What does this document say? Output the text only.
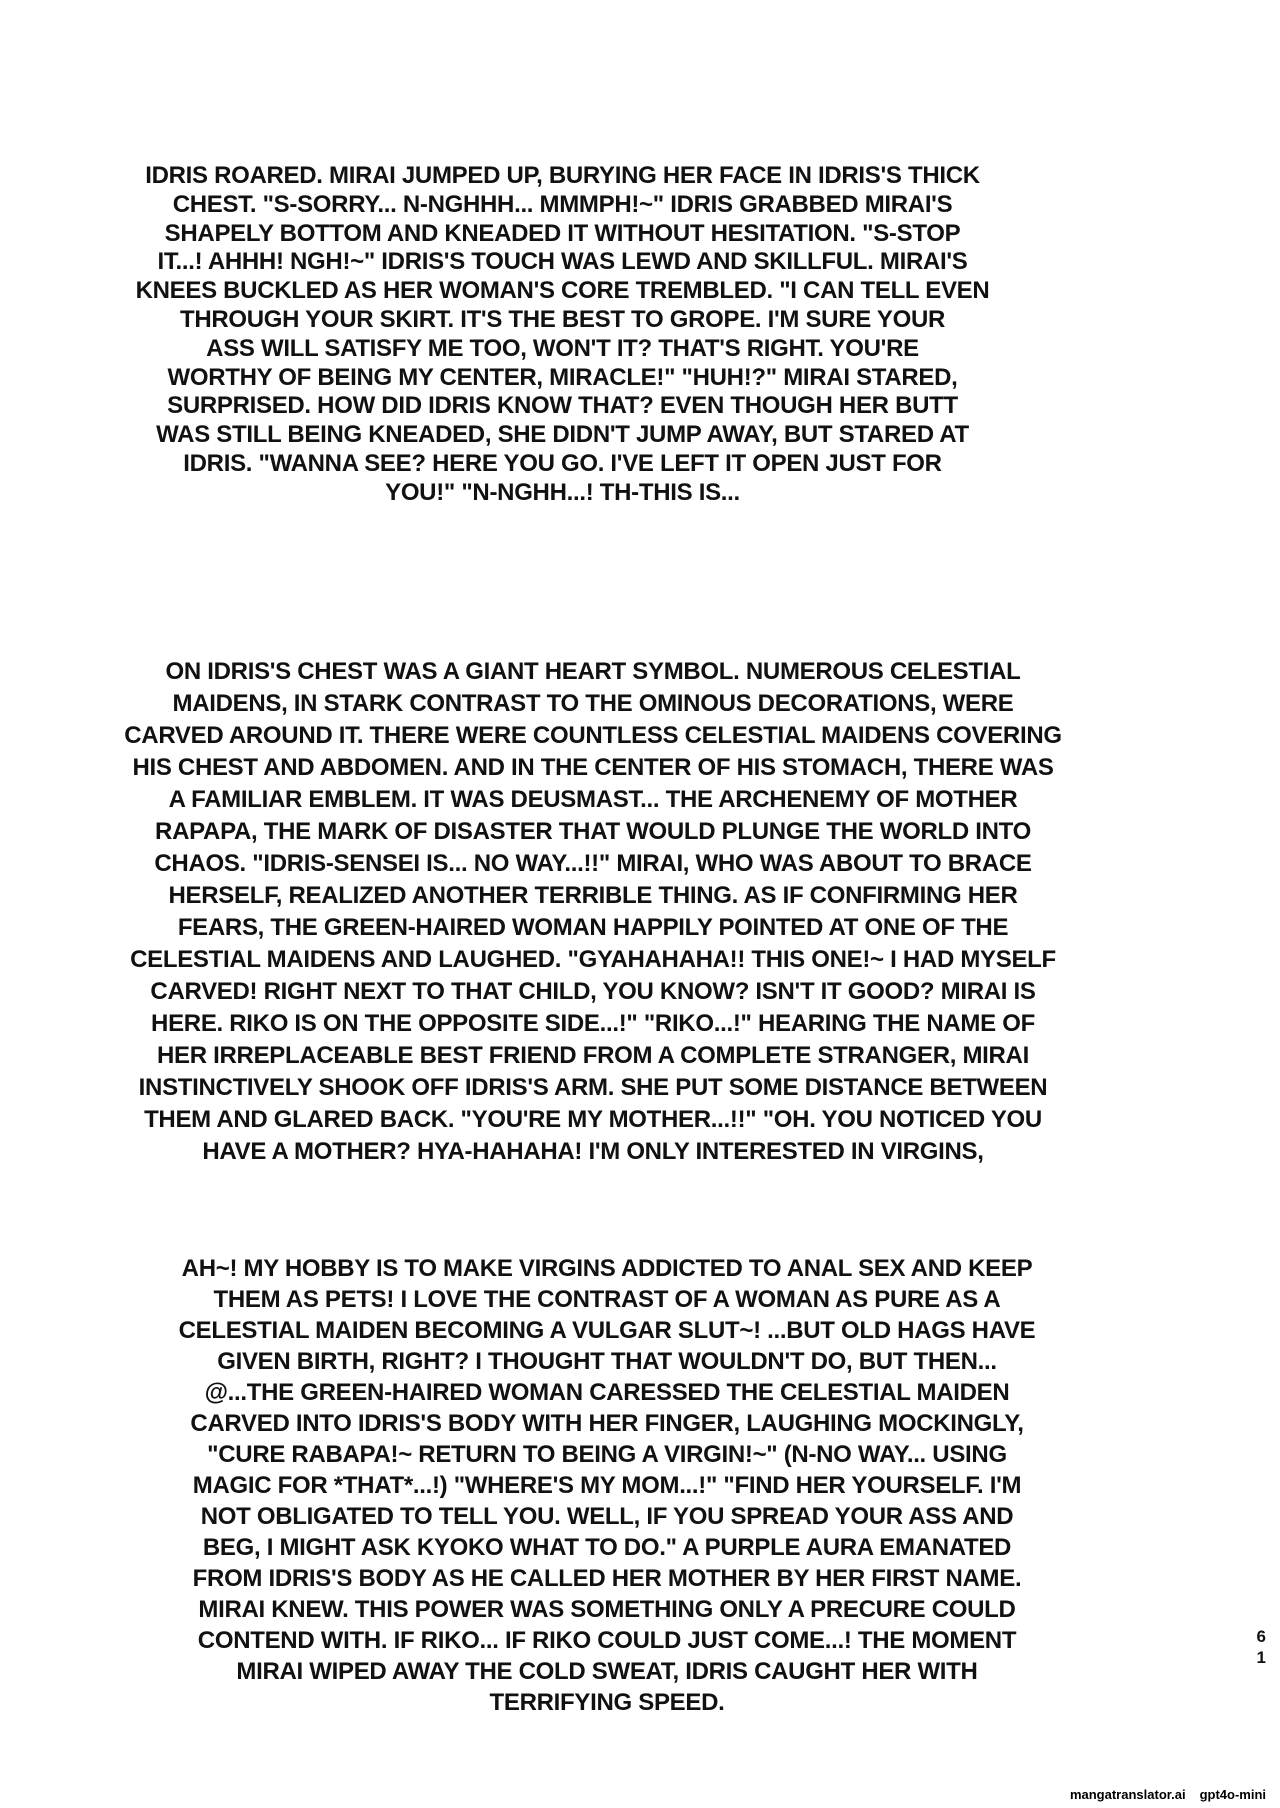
IDRIS ROARED. MIRAI JUMPED UP, BURYING HER FACE IN IDRIS'S THICK
CHEST. "S-SORRY... N-NGHHH... MMMPH!~" IDRIS GRABBED MIRAI'S
SHAPELY BOTTOM AND KNEADED IT WITHOUT HESITATION. "S-STOP
IT...! AHHH! NGH!~" IDRIS'S TOUCH WAS LEWD AND SKILLFUL. MIRAI'S
KNEES BUCKLED AS HER WOMAN'S CORE TREMBLED. "I CAN TELL EVEN
THROUGH YOUR SKIRT. IT'S THE BEST TO GROPE. I'M SURE YOUR
ASS WILL SATISFY ME TOO, WON'T IT? THAT'S RIGHT. YOU'RE
WORTHY OF BEING MY CENTER, MIRACLE!" "HUH!?" MIRAI STARED,
SURPRISED. HOW DID IDRIS KNOW THAT? EVEN THOUGH HER BUTT
WAS STILL BEING KNEADED, SHE DIDN'T JUMP AWAY, BUT STARED AT
IDRIS. "WANNA SEE? HERE YOU GO. I'VE LEFT IT OPEN JUST FOR
YOU!" "N-NGHH...! TH-THIS IS...
ON IDRIS'S CHEST WAS A GIANT HEART SYMBOL. NUMEROUS CELESTIAL
MAIDENS, IN STARK CONTRAST TO THE OMINOUS DECORATIONS, WERE
CARVED AROUND IT. THERE WERE COUNTLESS CELESTIAL MAIDENS COVERING
HIS CHEST AND ABDOMEN. AND IN THE CENTER OF HIS STOMACH, THERE WAS
A FAMILIAR EMBLEM. IT WAS DEUSMAST... THE ARCHENEMY OF MOTHER
RAPAPA, THE MARK OF DISASTER THAT WOULD PLUNGE THE WORLD INTO
CHAOS. "IDRIS-SENSEI IS... NO WAY...!!" MIRAI, WHO WAS ABOUT TO BRACE
HERSELF, REALIZED ANOTHER TERRIBLE THING. AS IF CONFIRMING HER
FEARS, THE GREEN-HAIRED WOMAN HAPPILY POINTED AT ONE OF THE
CELESTIAL MAIDENS AND LAUGHED. "GYAHAHAHA!! THIS ONE!~ I HAD MYSELF
CARVED! RIGHT NEXT TO THAT CHILD, YOU KNOW? ISN'T IT GOOD? MIRAI IS
HERE. RIKO IS ON THE OPPOSITE SIDE...!" "RIKO...!" HEARING THE NAME OF
HER IRREPLACEABLE BEST FRIEND FROM A COMPLETE STRANGER, MIRAI
INSTINCTIVELY SHOOK OFF IDRIS'S ARM. SHE PUT SOME DISTANCE BETWEEN
THEM AND GLARED BACK. "YOU'RE MY MOTHER...!!" "OH. YOU NOTICED YOU
HAVE A MOTHER? HYA-HAHAHA! I'M ONLY INTERESTED IN VIRGINS,
AH~! MY HOBBY IS TO MAKE VIRGINS ADDICTED TO ANAL SEX AND KEEP
THEM AS PETS! I LOVE THE CONTRAST OF A WOMAN AS PURE AS A
CELESTIAL MAIDEN BECOMING A VULGAR SLUT~! ...BUT OLD HAGS HAVE
GIVEN BIRTH, RIGHT? I THOUGHT THAT WOULDN'T DO, BUT THEN...
@...THE GREEN-HAIRED WOMAN CARESSED THE CELESTIAL MAIDEN
CARVED INTO IDRIS'S BODY WITH HER FINGER, LAUGHING MOCKINGLY,
"CURE RABAPA!~ RETURN TO BEING A VIRGIN!~" (N-NO WAY... USING
MAGIC FOR *THAT*...!) "WHERE'S MY MOM...!" "FIND HER YOURSELF. I'M
NOT OBLIGATED TO TELL YOU. WELL, IF YOU SPREAD YOUR ASS AND
BEG, I MIGHT ASK KYOKO WHAT TO DO." A PURPLE AURA EMANATED
FROM IDRIS'S BODY AS HE CALLED HER MOTHER BY HER FIRST NAME.
MIRAI KNEW. THIS POWER WAS SOMETHING ONLY A PRECURE COULD
CONTEND WITH. IF RIKO... IF RIKO COULD JUST COME...! THE MOMENT
MIRAI WIPED AWAY THE COLD SWEAT, IDRIS CAUGHT HER WITH
TERRIFYING SPEED.
6
1
mangatranslator.ai gpt4o-mini
